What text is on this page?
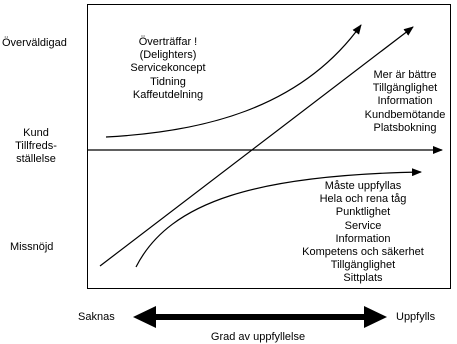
Överväldigad
Kund
Tillfreds-
ställelse
Missnöjd
Överträffar !
(Delighters)
Servicekoncept
Tidning
Kaffeutdelning
Mer är bättre
Tillgänglighet
Information
Kundbemötande
Platsbokning
Måste uppfyllas
Hela och rena tåg
Punktlighet
Service
Information
Kompetens och säkerhet
Tillgänglighet
Sittplats
Saknas	Uppfylls
Grad av uppfyllelse
